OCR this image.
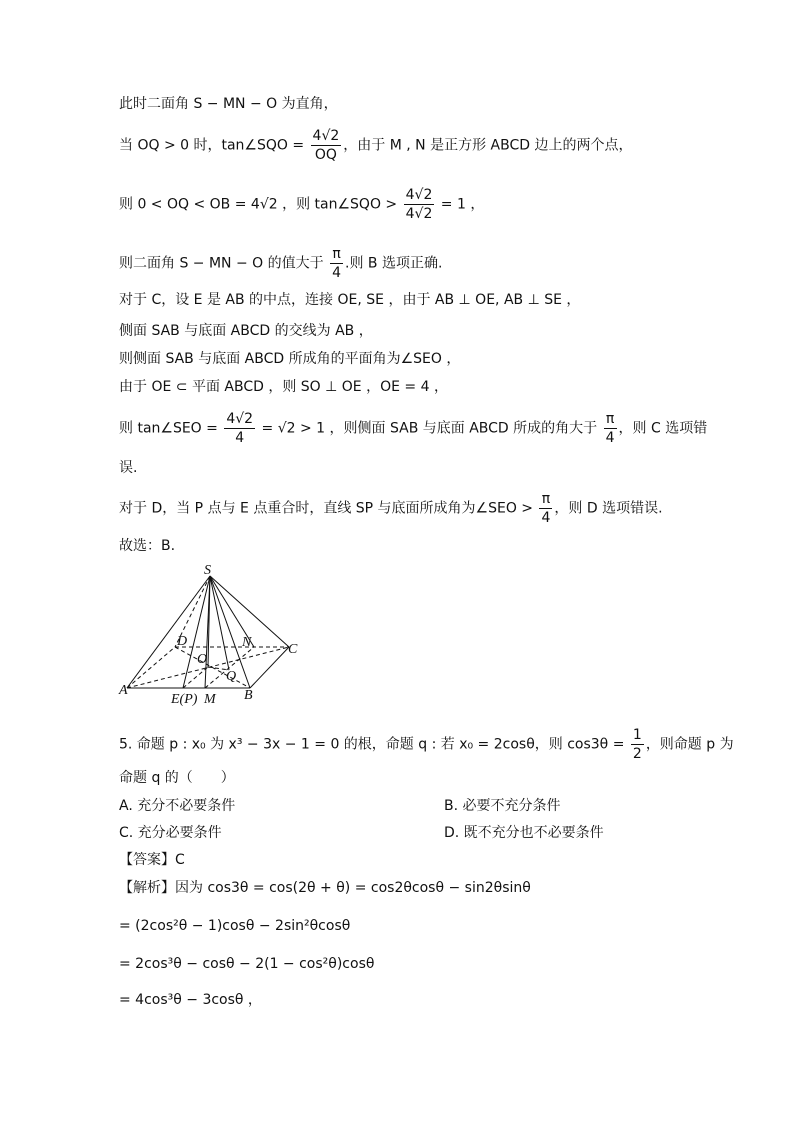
此时二面角 S − MN − O 为直角，
当 OQ > 0 时，tan∠SQO = $\frac{4√2}{OQ}$ ，由于 M , N 是正方形 ABCD 边上的两个点，
则 0 < OQ < OB = 4√2 ，则 tan∠SQO > $\frac{4√2}{4√2} = 1$ ，
则二面角 S − MN − O 的值大于 $\frac{\pi}{4}$ .则 B 选项正确.
对于 C，设 E 是 AB 的中点，连接 OE, SE ，由于 AB ⊥ OE, AB ⊥ SE ，
侧面 SAB 与底面 ABCD 的交线为 AB ，
则侧面 SAB 与底面 ABCD 所成角的平面角为∠SEO ，
由于 OE ⊂ 平面 ABCD ，则 SO ⊥ OE ，OE = 4 ，
则 tan∠SEO = $\frac{4√2}{4} = √2 > 1$ ，则侧面 SAB 与底面 ABCD 所成的角大于 $\frac{\pi}{4}$ ，则 C 选项错
误.
对于 D，当 P 点与 E 点重合时，直线 SP 与底面所成角为∠SEO > $\frac{\pi}{4}$ ，则 D 选项错误.
故选：B.
S
D	N	C
O
Q
A
E(P) M B
5. 命题 p : x₀ 为 x³ − 3x − 1 = 0 的根，命题 q : 若 x₀ = 2cosθ，则 $\cos 3\theta = \frac{1}{2}$ ，则命题 p 为
命题 q 的（　　）
A. 充分不必要条件	B. 必要不充分条件
C. 充分必要条件	D. 既不充分也不必要条件
【答案】C
【解析】因为 cos3θ = cos(2θ + θ) = cos2θcosθ − sin2θsinθ
= (2cos²θ − 1)cosθ − 2sin²θcosθ
= 2cos³θ − cosθ − 2(1 − cos²θ)cosθ
= 4cos³θ − 3cosθ ，
